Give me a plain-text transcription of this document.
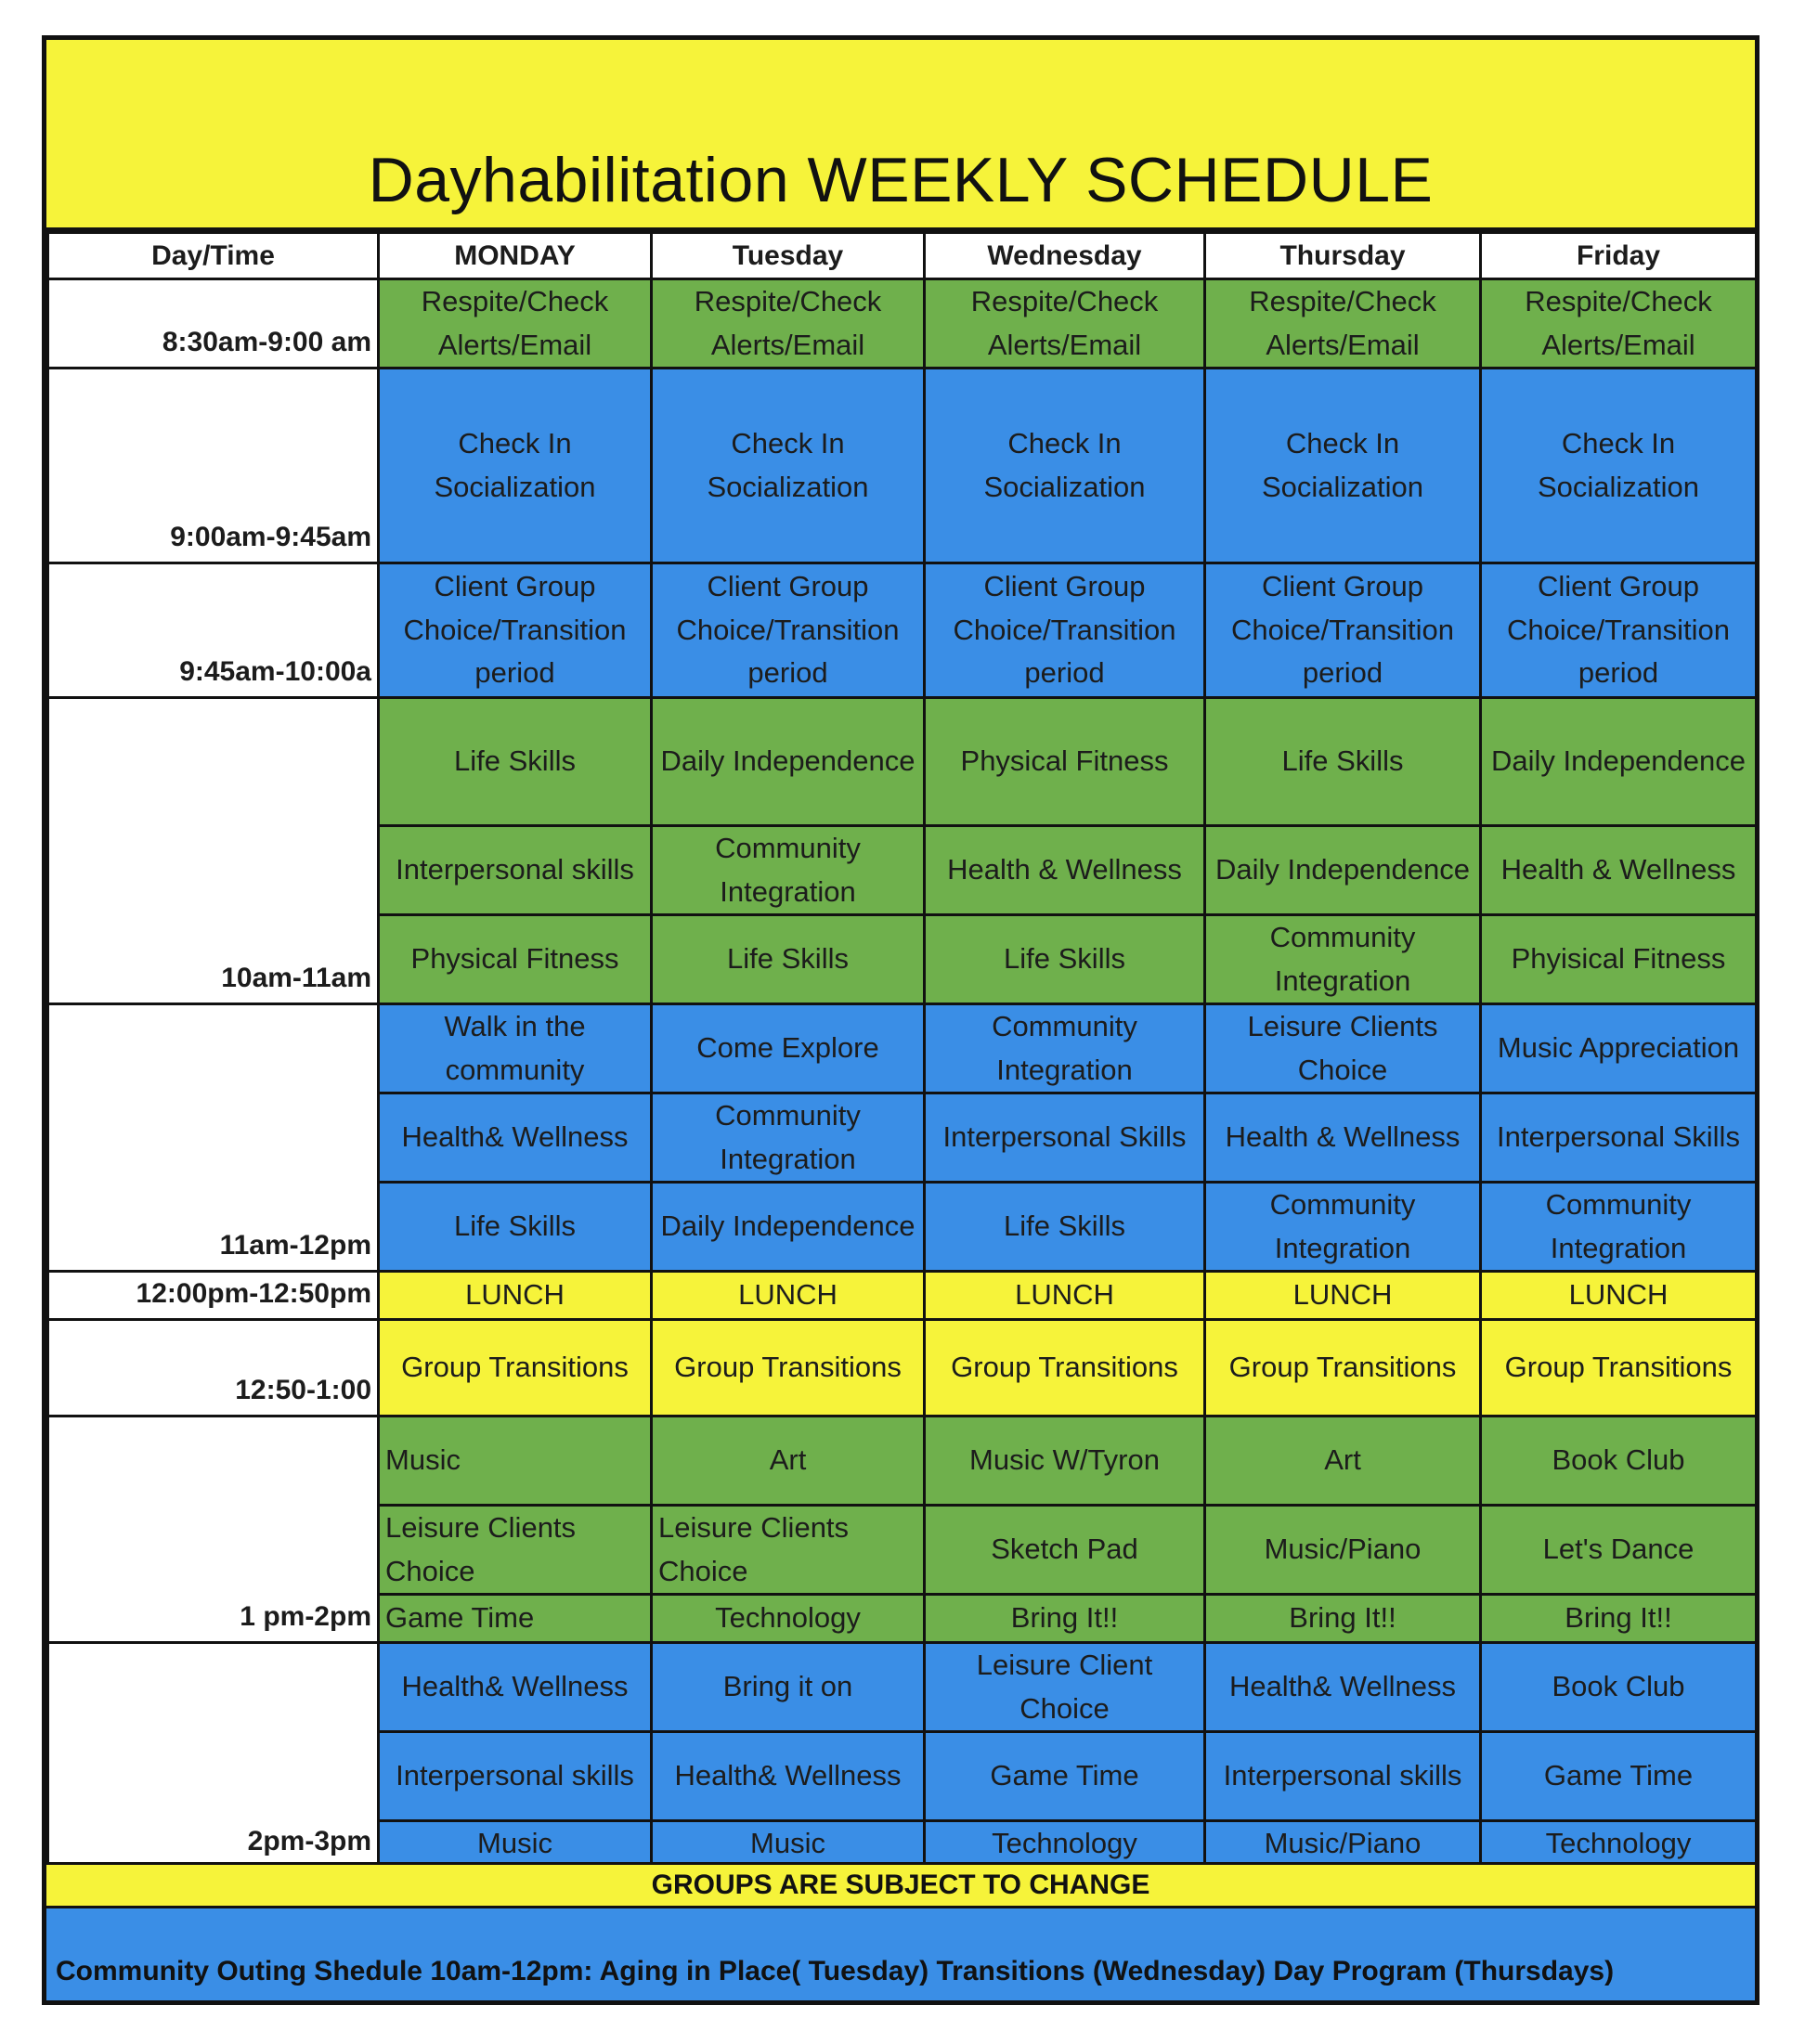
Dayhabilitation WEEKLY SCHEDULE
Day/Time	MONDAY	Tuesday	Wednesday	Thursday	Friday
8:30am-9:00 am	Respite/Check Alerts/Email	Respite/Check Alerts/Email	Respite/Check Alerts/Email	Respite/Check Alerts/Email	Respite/Check Alerts/Email
9:00am-9:45am	Check In Socialization	Check In Socialization	Check In Socialization	Check In Socialization	Check In Socialization
9:45am-10:00a	Client Group Choice/Transition period	Client Group Choice/Transition period	Client Group Choice/Transition period	Client Group Choice/Transition period	Client Group Choice/Transition period
10am-11am	Life Skills	Daily Independence	Physical Fitness	Life Skills	Daily Independence
	Interpersonal skills	Community Integration	Health & Wellness	Daily Independence	Health & Wellness
	Physical Fitness	Life Skills	Life Skills	Community Integration	Phyisical Fitness
11am-12pm	Walk in the community	Come Explore	Community Integration	Leisure Clients Choice	Music Appreciation
	Health& Wellness	Community Integration	Interpersonal Skills	Health & Wellness	Interpersonal Skills
	Life Skills	Daily Independence	Life Skills	Community Integration	Community Integration
12:00pm-12:50pm	LUNCH	LUNCH	LUNCH	LUNCH	LUNCH
12:50-1:00	Group Transitions	Group Transitions	Group Transitions	Group Transitions	Group Transitions
1 pm-2pm	Music	Art	Music W/Tyron	Art	Book Club
	Leisure Clients Choice	Leisure Clients Choice	Sketch Pad	Music/Piano	Let's Dance
	Game Time	Technology	Bring It!!	Bring It!!	Bring It!!
2pm-3pm	Health& Wellness	Bring it on	Leisure Client Choice	Health& Wellness	Book Club
	Interpersonal skills	Health& Wellness	Game Time	Interpersonal skills	Game Time
	Music	Music	Technology	Music/Piano	Technology
GROUPS ARE SUBJECT TO CHANGE
Community Outing Shedule 10am-12pm: Aging in Place( Tuesday) Transitions (Wednesday) Day Program (Thursdays)
